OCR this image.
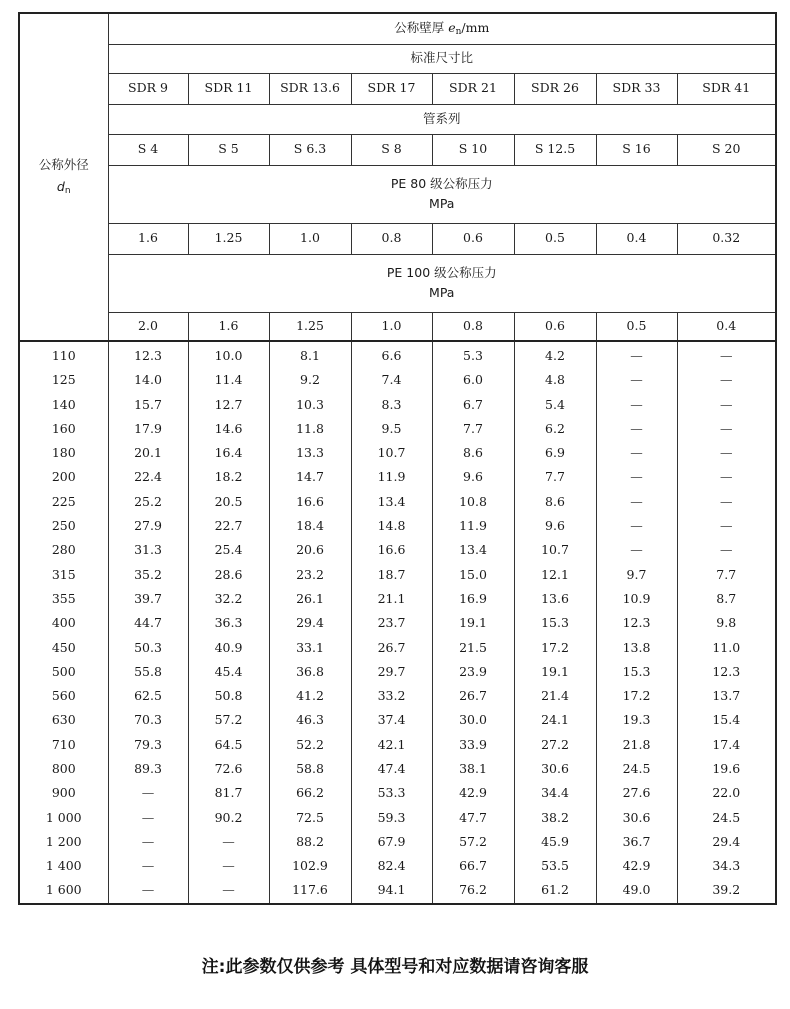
公称外径
$d_n$	公称壁厚 $e_n/mm$							
	标准尺寸比							
	SDR 9	SDR 11	SDR 13.6	SDR 17	SDR 21	SDR 26	SDR 33	SDR 41
	管系列							
	S 4	S 5	S 6.3	S 8	S 10	S 12.5	S 16	S 20

	PE 80 级公称压力
MPa							

	1.6	1.25	1.0	0.8	0.6	0.5	0.4	0.32

	PE 100 级公称压力
MPa							

	2.0	1.6	1.25	1.0	0.8	0.6	0.5	0.4
110	12.3	10.0	8.1	6.6	5.3	4.2	—	—
125	14.0	11.4	9.2	7.4	6.0	4.8	—	—
140	15.7	12.7	10.3	8.3	6.7	5.4	—	—
160	17.9	14.6	11.8	9.5	7.7	6.2	—	—
180	20.1	16.4	13.3	10.7	8.6	6.9	—	—
200	22.4	18.2	14.7	11.9	9.6	7.7	—	—
225	25.2	20.5	16.6	13.4	10.8	8.6	—	—
250	27.9	22.7	18.4	14.8	11.9	9.6	—	—
280	31.3	25.4	20.6	16.6	13.4	10.7	—	—
315	35.2	28.6	23.2	18.7	15.0	12.1	9.7	7.7
355	39.7	32.2	26.1	21.1	16.9	13.6	10.9	8.7
400	44.7	36.3	29.4	23.7	19.1	15.3	12.3	9.8
450	50.3	40.9	33.1	26.7	21.5	17.2	13.8	11.0
500	55.8	45.4	36.8	29.7	23.9	19.1	15.3	12.3
560	62.5	50.8	41.2	33.2	26.7	21.4	17.2	13.7
630	70.3	57.2	46.3	37.4	30.0	24.1	19.3	15.4
710	79.3	64.5	52.2	42.1	33.9	27.2	21.8	17.4
800	89.3	72.6	58.8	47.4	38.1	30.6	24.5	19.6
900	—	81.7	66.2	53.3	42.9	34.4	27.6	22.0
1 000	—	90.2	72.5	59.3	47.7	38.2	30.6	24.5
1 200	—	—	88.2	67.9	57.2	45.9	36.7	29.4
1 400	—	—	102.9	82.4	66.7	53.5	42.9	34.3
1 600	—	—	117.6	94.1	76.2	61.2	49.0	39.2
注:此参数仅供参考 具体型号和对应数据请咨询客服
